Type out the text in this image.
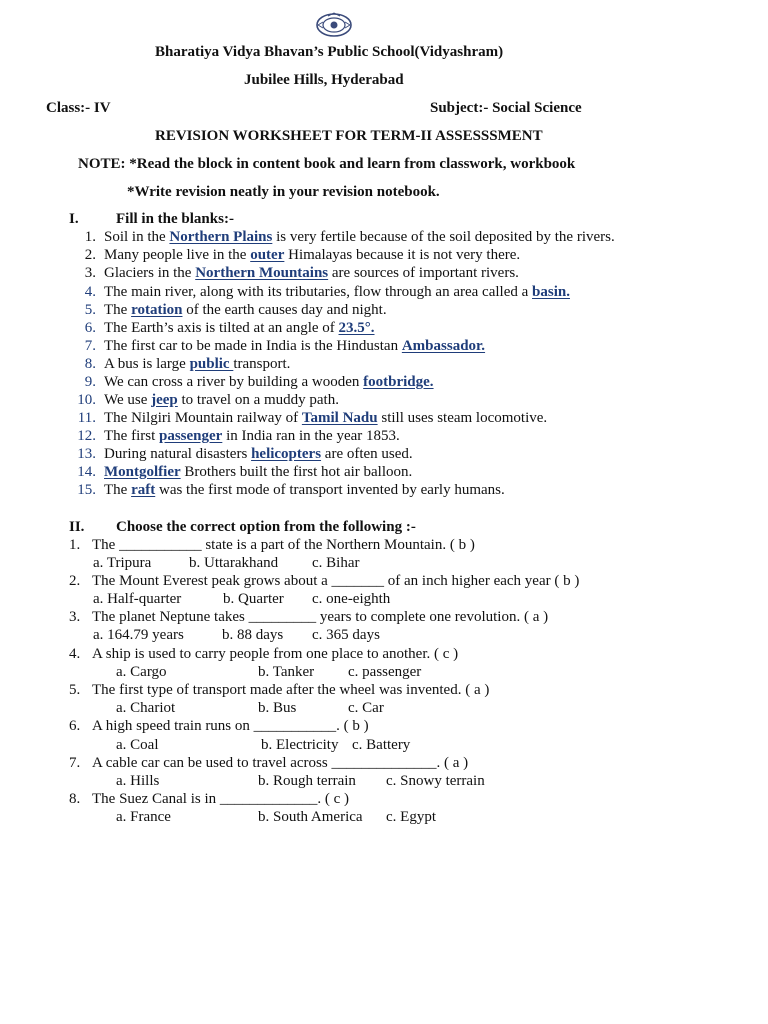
Bharatiya Vidya Bhavan’s Public School(Vidyashram)
Jubilee Hills, Hyderabad
Class:- IV	Subject:- Social Science
REVISION WORKSHEET FOR TERM-II ASSESSSMENT
NOTE: *Read the block in content book and learn from classwork, workbook
*Write revision neatly in your revision notebook.
I. Fill in the blanks:-
1. Soil in the Northern Plains is very fertile because of the soil deposited by the rivers.
2. Many people live in the outer Himalayas because it is not very there.
3. Glaciers in the Northern Mountains are sources of important rivers.
4. The main river, along with its tributaries, flow through an area called a basin.
5. The rotation of the earth causes day and night.
6. The Earth’s axis is tilted at an angle of 23.5°.
7. The first car to be made in India is the Hindustan Ambassador.
8. A bus is large public transport.
9. We can cross a river by building a wooden footbridge.
10. We use jeep to travel on a muddy path.
11. The Nilgiri Mountain railway of Tamil Nadu still uses steam locomotive.
12. The first passenger in India ran in the year 1853.
13. During natural disasters helicopters are often used.
14. Montgolfier Brothers built the first hot air balloon.
15. The raft was the first mode of transport invented by early humans.
II. Choose the correct option from the following :-
1. The ___________ state is a part of the Northern Mountain. ( b )
a. Tripura	b. Uttarakhand c. Bihar
2. The Mount Everest peak grows about a _______ of an inch higher each year ( b )
a. Half-quarter	b. Quarter c. one-eighth
3. The planet Neptune takes _________ years to complete one revolution. ( a )
a. 164.79 years	b. 88 days c. 365 days
4. A ship is used to carry people from one place to another. ( c )
a. Cargo	b. Tanker c. passenger
5. The first type of transport made after the wheel was invented. ( a )
a. Chariot	b. Bus	c. Car
6. A high speed train runs on ___________. ( b )
a. Coal	b. Electricity c. Battery
7. A cable car can be used to travel across ______________. ( a )
a. Hills	b. Rough terrain c. Snowy terrain
8. The Suez Canal is in _____________. ( c )
a. France	b. South America c. Egypt
